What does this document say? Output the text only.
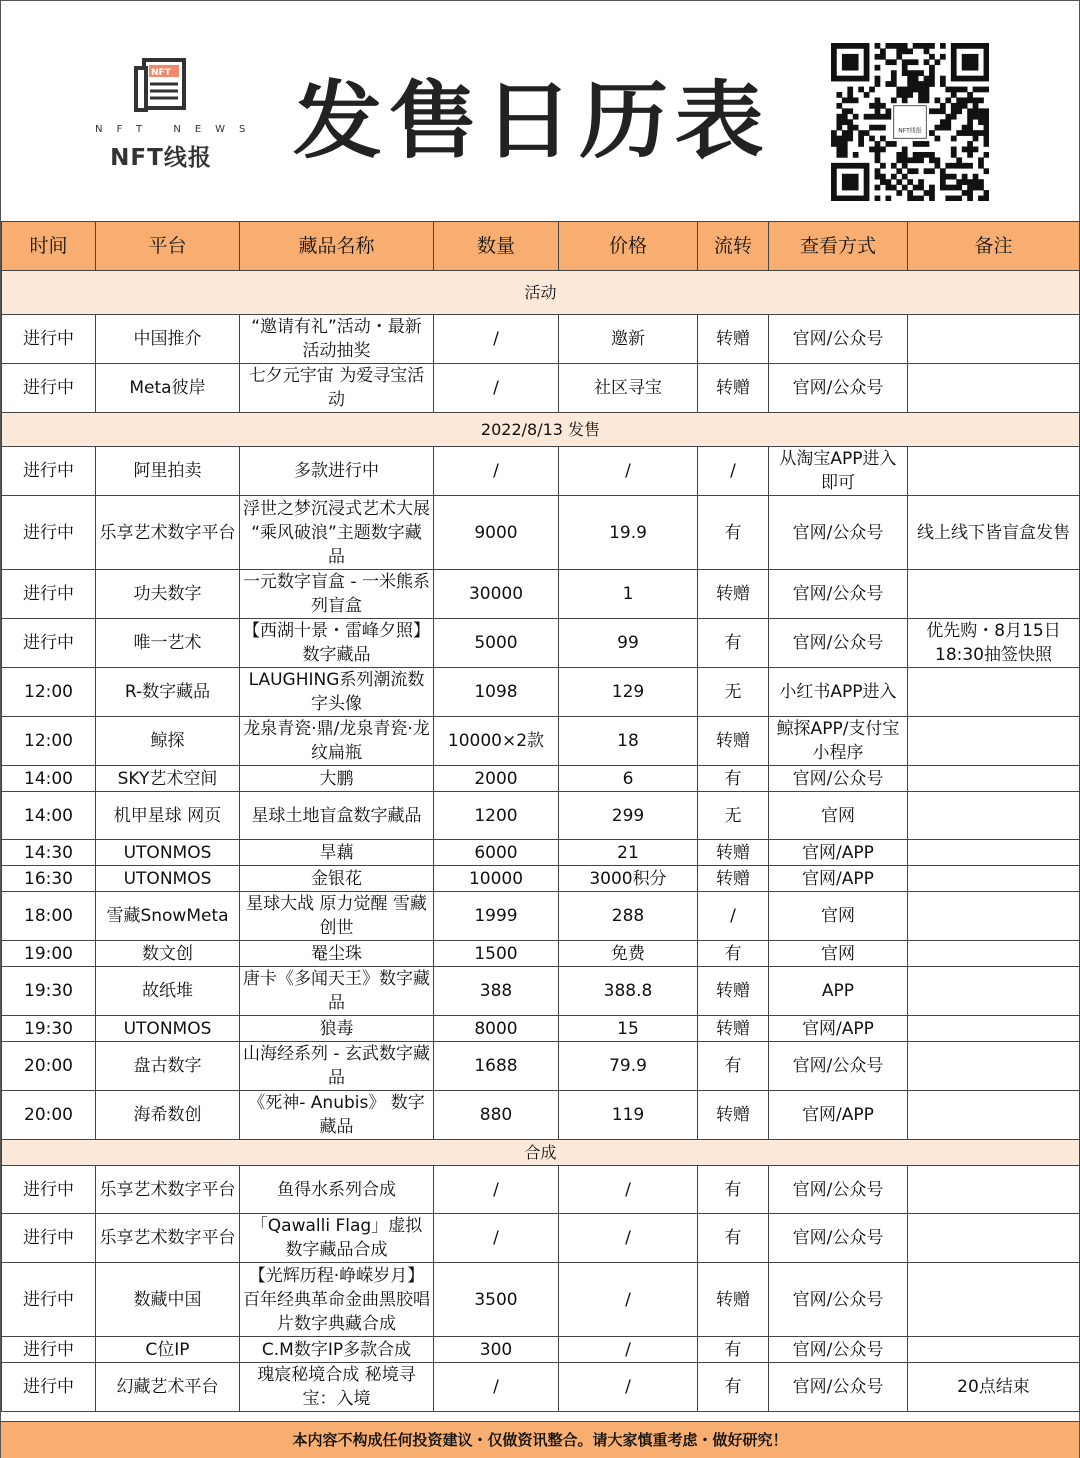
NFT
NFT NEWS
NFT线报 发售日历表	NFT线报
时间	平台	藏品名称	数量	价格	流转	查看方式	备注
活动							
进行中	中国推介	“邀请有礼”活动・最新活动抽奖	/	邀新	转赠	官网/公众号	
进行中	Meta彼岸	七夕元宇宙 为爱寻宝活动	/	社区寻宝	转赠	官网/公众号	
2022/8/13 发售							
进行中	阿里拍卖	多款进行中	/	/	/	从淘宝APP进入即可	
进行中	乐享艺术数字平台	浮世之梦沉浸式艺术大展 “乘风破浪”主题数字藏品	9000	19.9	有	官网/公众号	线上线下皆盲盒发售
进行中	功夫数字	一元数字盲盒 - 一米熊系列盲盒	30000	1	转赠	官网/公众号	
进行中	唯一艺术	【西湖十景・雷峰夕照】数字藏品	5000	99	有	官网/公众号	优先购・8月15日18:30抽签快照
12:00	R-数字藏品	LAUGHING系列潮流数字头像	1098	129	无	小红书APP进入	
12:00	鲸探	龙泉青瓷·鼎/龙泉青瓷·龙纹扁瓶	10000×2款	18	转赠	鲸探APP/支付宝小程序	
14:00	SKY艺术空间	大鹏	2000	6	有	官网/公众号	
14:00	机甲星球 网页	星球土地盲盒数字藏品	1200	299	无	官网	
14:30	UTONMOS	旱藕	6000	21	转赠	官网/APP	
16:30	UTONMOS	金银花	10000	3000积分	转赠	官网/APP	
18:00	雪藏SnowMeta	星球大战 原力觉醒 雪藏创世	1999	288	/	官网	
19:00	数文创	罨尘珠	1500	免费	有	官网	
19:30	故纸堆	唐卡《多闻天王》数字藏品	388	388.8	转赠	APP	
19:30	UTONMOS	狼毒	8000	15	转赠	官网/APP	
20:00	盘古数字	山海经系列 - 玄武数字藏品	1688	79.9	有	官网/公众号	
20:00	海希数创	《死神- Anubis》 数字藏品	880	119	转赠	官网/APP	
合成							
进行中	乐享艺术数字平台	鱼得水系列合成	/	/	有	官网/公众号	
进行中	乐享艺术数字平台	「Qawalli Flag」虚拟数字藏品合成	/	/	有	官网/公众号	
进行中	数藏中国	【光辉历程·峥嵘岁月】百年经典革命金曲黑胶唱片数字典藏合成	3500	/	转赠	官网/公众号	
进行中	C位IP	C.M数字IP多款合成	300	/	有	官网/公众号	
进行中	幻藏艺术平台	瑰宸秘境合成 秘境寻宝：入境	/	/	有	官网/公众号	20点结束
本内容不构成任何投资建议・仅做资讯整合。请大家慎重考虑・做好研究！
